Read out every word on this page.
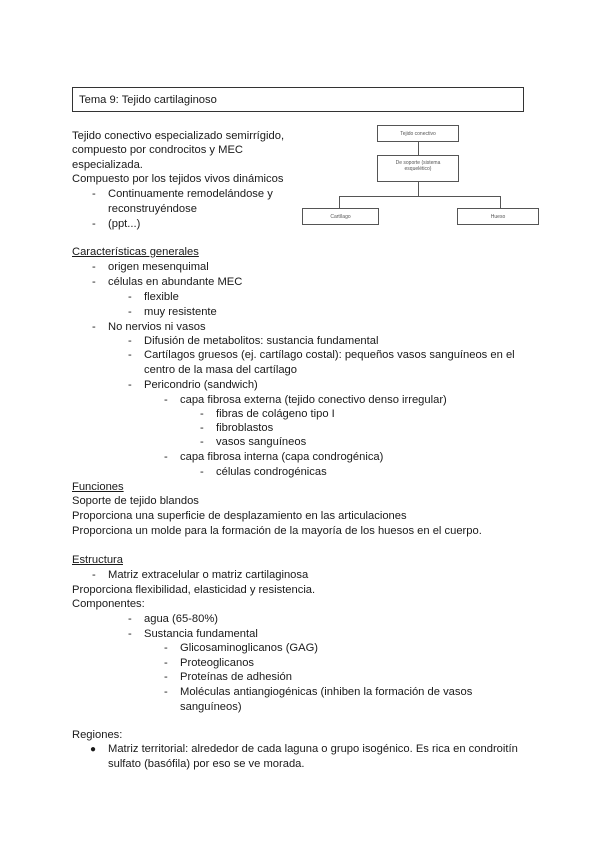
Tema 9: Tejido cartilaginoso
Tejido conectivo especializado semirrígido,
compuesto por condrocitos y MEC
especializada.
Compuesto por los tejidos vivos dinámicos
- Continuamente remodelándose y
reconstruyéndose
- (ppt...)
Tejido conectivo
De soporte (sistema esquelético)
Cartílago	Hueso
Características generales
- origen mesenquimal
- células en abundante MEC
- flexible
- muy resistente
- No nervios ni vasos
- Difusión de metabolitos: sustancia fundamental
- Cartílagos gruesos (ej. cartílago costal): pequeños vasos sanguíneos en el
centro de la masa del cartílago
- Pericondrio (sandwich)
- capa fibrosa externa (tejido conectivo denso irregular)
- fibras de colágeno tipo I
- fibroblastos
- vasos sanguíneos
- capa fibrosa interna (capa condrogénica)
- células condrogénicas
Funciones
Soporte de tejido blandos
Proporciona una superficie de desplazamiento en las articulaciones
Proporciona un molde para la formación de la mayoría de los huesos en el cuerpo.
Estructura
- Matriz extracelular o matriz cartilaginosa
Proporciona flexibilidad, elasticidad y resistencia.
Componentes:
- agua (65-80%)
- Sustancia fundamental
- Glicosaminoglicanos (GAG)
- Proteoglicanos
- Proteínas de adhesión
- Moléculas antiangiogénicas (inhiben la formación de vasos
sanguíneos)
Regiones:
● Matriz territorial: alrededor de cada laguna o grupo isogénico. Es rica en condroitín
sulfato (basófila) por eso se ve morada.
